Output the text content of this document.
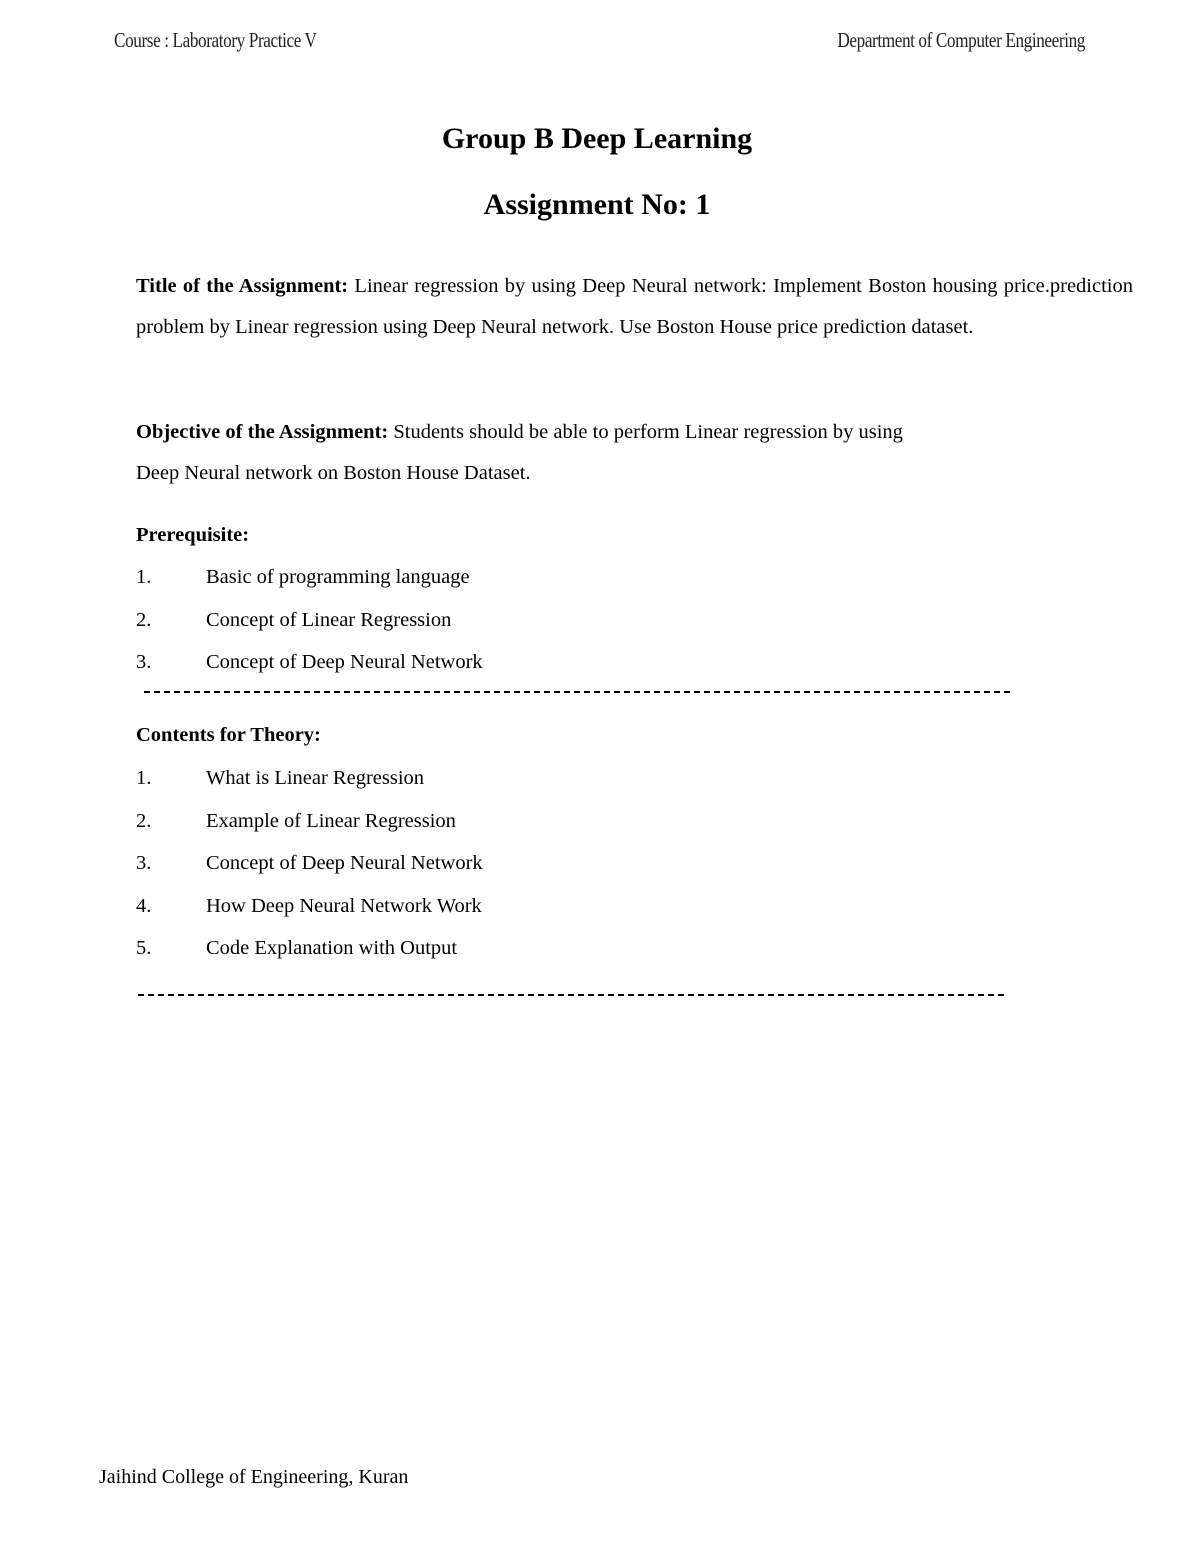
Course : Laboratory Practice V	Department of Computer Engineering
Group B Deep Learning
Assignment No: 1
Title of the Assignment: Linear regression by using Deep Neural network: Implement Boston housing price.prediction problem by Linear regression using Deep Neural network. Use Boston House price prediction dataset.
Objective of the Assignment: Students should be able to perform Linear regression by using
Deep Neural network on Boston House Dataset.
Prerequisite:
1.	Basic of programming language
2.	Concept of Linear Regression
3.	Concept of Deep Neural Network
Contents for Theory:
1.	What is Linear Regression
2.	Example of Linear Regression
3.	Concept of Deep Neural Network
4.	How Deep Neural Network Work
5.	Code Explanation with Output
Jaihind College of Engineering, Kuran
